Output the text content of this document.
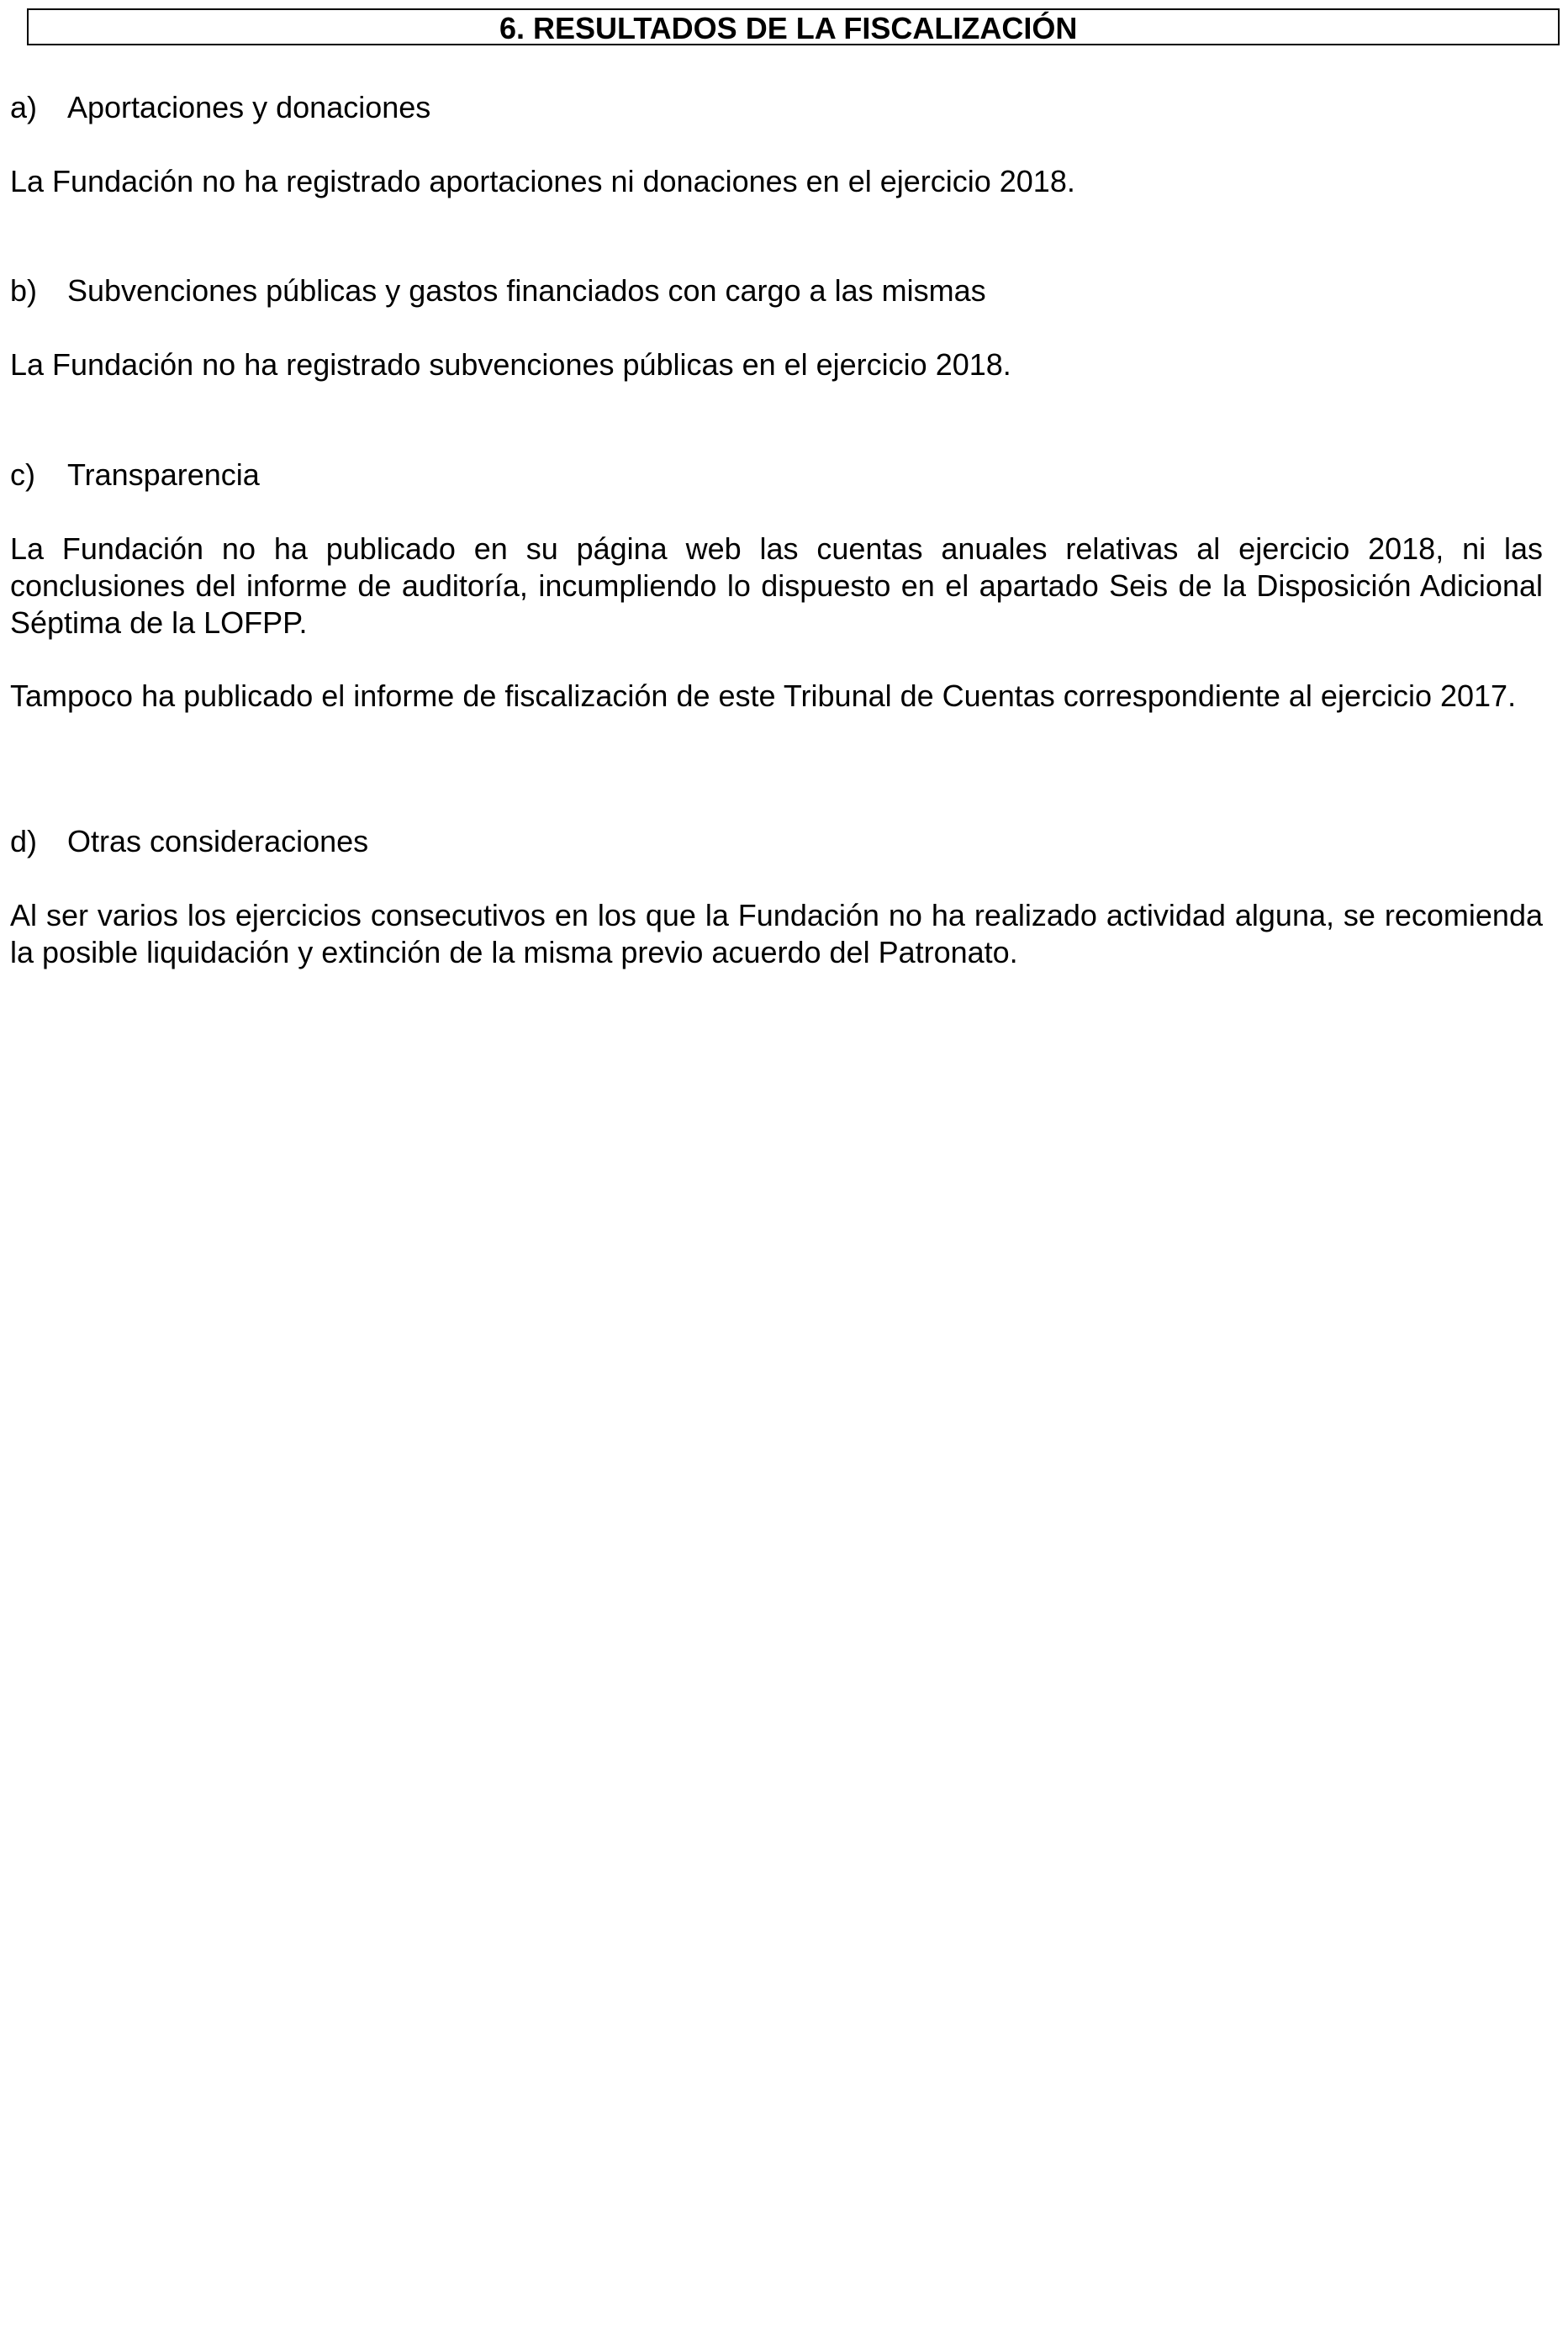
6. RESULTADOS DE LA FISCALIZACIÓN
a) Aportaciones y donaciones
La Fundación no ha registrado aportaciones ni donaciones en el ejercicio 2018.
b) Subvenciones públicas y gastos financiados con cargo a las mismas
La Fundación no ha registrado subvenciones públicas en el ejercicio 2018.
c) Transparencia
La Fundación no ha publicado en su página web las cuentas anuales relativas al ejercicio 2018, ni las conclusiones del informe de auditoría, incumpliendo lo dispuesto en el apartado Seis de la Disposición Adicional Séptima de la LOFPP.
Tampoco ha publicado el informe de fiscalización de este Tribunal de Cuentas correspondiente al ejercicio 2017.
d) Otras consideraciones
Al ser varios los ejercicios consecutivos en los que la Fundación no ha realizado actividad alguna, se recomienda la posible liquidación y extinción de la misma previo acuerdo del Patronato.
